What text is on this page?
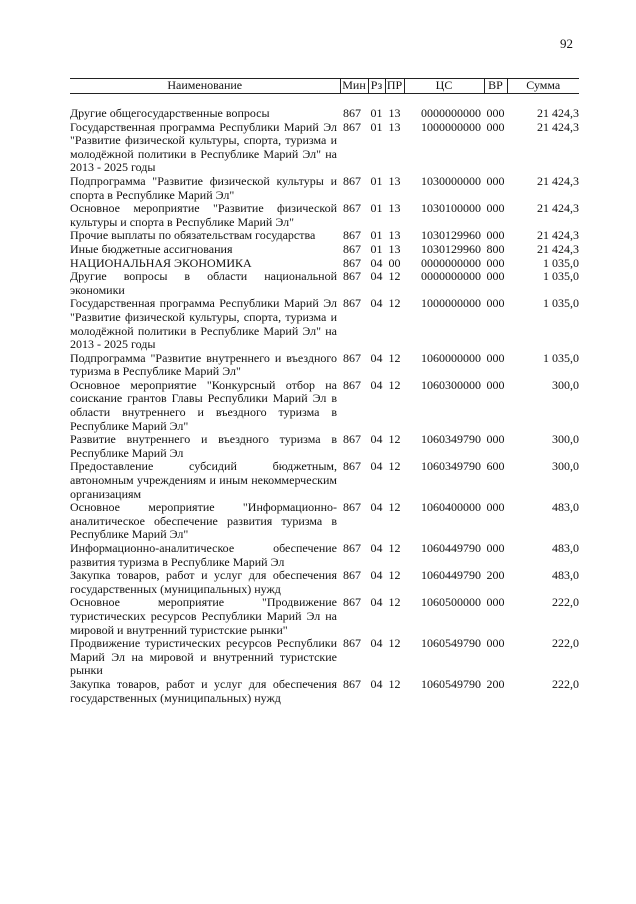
92
Наименование	Мин	Рз	ПР	ЦС	ВР	Сумма
Другие общегосударственные вопросы	867	01	13	0000000000	000	21 424,3
Государственная программа Республики Марий Эл "Развитие физической культуры, спорта, туризма и молодёжной политики в Республике Марий Эл" на 2013 - 2025 годы	867	01	13	1000000000	000	21 424,3
Подпрограмма "Развитие физической культуры и спорта в Республике Марий Эл"	867	01	13	1030000000	000	21 424,3
Основное мероприятие "Развитие физической культуры и спорта в Республике Марий Эл"	867	01	13	1030100000	000	21 424,3
Прочие выплаты по обязательствам государства	867	01	13	1030129960	000	21 424,3
Иные бюджетные ассигнования	867	01	13	1030129960	800	21 424,3
НАЦИОНАЛЬНАЯ ЭКОНОМИКА	867	04	00	0000000000	000	1 035,0
Другие вопросы в области национальной экономики	867	04	12	0000000000	000	1 035,0
Государственная программа Республики Марий Эл "Развитие физической культуры, спорта, туризма и молодёжной политики в Республике Марий Эл" на 2013 - 2025 годы	867	04	12	1000000000	000	1 035,0
Подпрограмма "Развитие внутреннего и въездного туризма в Республике Марий Эл"	867	04	12	1060000000	000	1 035,0
Основное мероприятие "Конкурсный отбор на соискание грантов Главы Республики Марий Эл в области внутреннего и въездного туризма в Республике Марий Эл"	867	04	12	1060300000	000	300,0
Развитие внутреннего и въездного туризма в Республике Марий Эл	867	04	12	1060349790	000	300,0
Предоставление субсидий бюджетным, автономным учреждениям и иным некоммерческим организациям	867	04	12	1060349790	600	300,0
Основное мероприятие "Информационно-аналитическое обеспечение развития туризма в Республике Марий Эл"	867	04	12	1060400000	000	483,0
Информационно-аналитическое обеспечение развития туризма в Республике Марий Эл	867	04	12	1060449790	000	483,0
Закупка товаров, работ и услуг для обеспечения государственных (муниципальных) нужд	867	04	12	1060449790	200	483,0
Основное мероприятие "Продвижение туристических ресурсов Республики Марий Эл на мировой и внутренний туристские рынки"	867	04	12	1060500000	000	222,0
Продвижение туристических ресурсов Республики Марий Эл на мировой и внутренний туристские рынки	867	04	12	1060549790	000	222,0
Закупка товаров, работ и услуг для обеспечения государственных (муниципальных) нужд	867	04	12	1060549790	200	222,0
